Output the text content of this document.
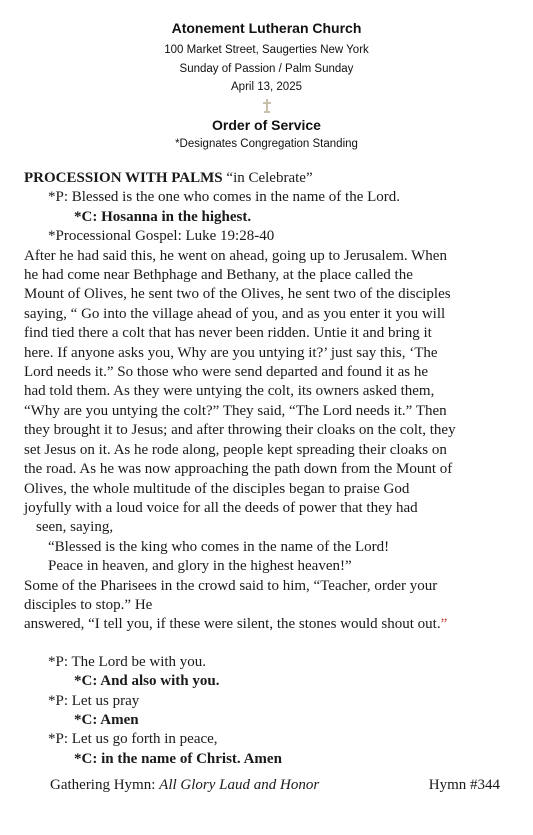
Atonement Lutheran Church
100 Market Street, Saugerties New York
Sunday of Passion / Palm Sunday
April 13, 2025
Order of Service
*Designates Congregation Standing
PROCESSION WITH PALMS “in Celebrate”
*P: Blessed is the one who comes in the name of the Lord.
*C: Hosanna in the highest.
*Processional Gospel: Luke 19:28-40
After he had said this, he went on ahead, going up to Jerusalem. When
he had come near Bethphage and Bethany, at the place called the
Mount of Olives, he sent two of the Olives, he sent two of the disciples
saying, “ Go into the village ahead of you, and as you enter it you will
find tied there a colt that has never been ridden. Untie it and bring it
here. If anyone asks you, Why are you untying it?’ just say this, ‘The
Lord needs it.” So those who were send departed and found it as he
had told them. As they were untying the colt, its owners asked them,
“Why are you untying the colt?” They said, “The Lord needs it.” Then
they brought it to Jesus; and after throwing their cloaks on the colt, they
set Jesus on it. As he rode along, people kept spreading their cloaks on
the road. As he was now approaching the path down from the Mount of
Olives, the whole multitude of the disciples began to praise God
joyfully with a loud voice for all the deeds of power that they had
seen, saying,
“Blessed is the king who comes in the name of the Lord!
Peace in heaven, and glory in the highest heaven!”
Some of the Pharisees in the crowd said to him, “Teacher, order your
disciples to stop.” He
answered, “I tell you, if these were silent, the stones would shout out.”
*P: The Lord be with you.
*C: And also with you.
*P: Let us pray
*C: Amen
*P: Let us go forth in peace,
*C: in the name of Christ. Amen
Gathering Hymn: All Glory Laud and Honor	Hymn #344
